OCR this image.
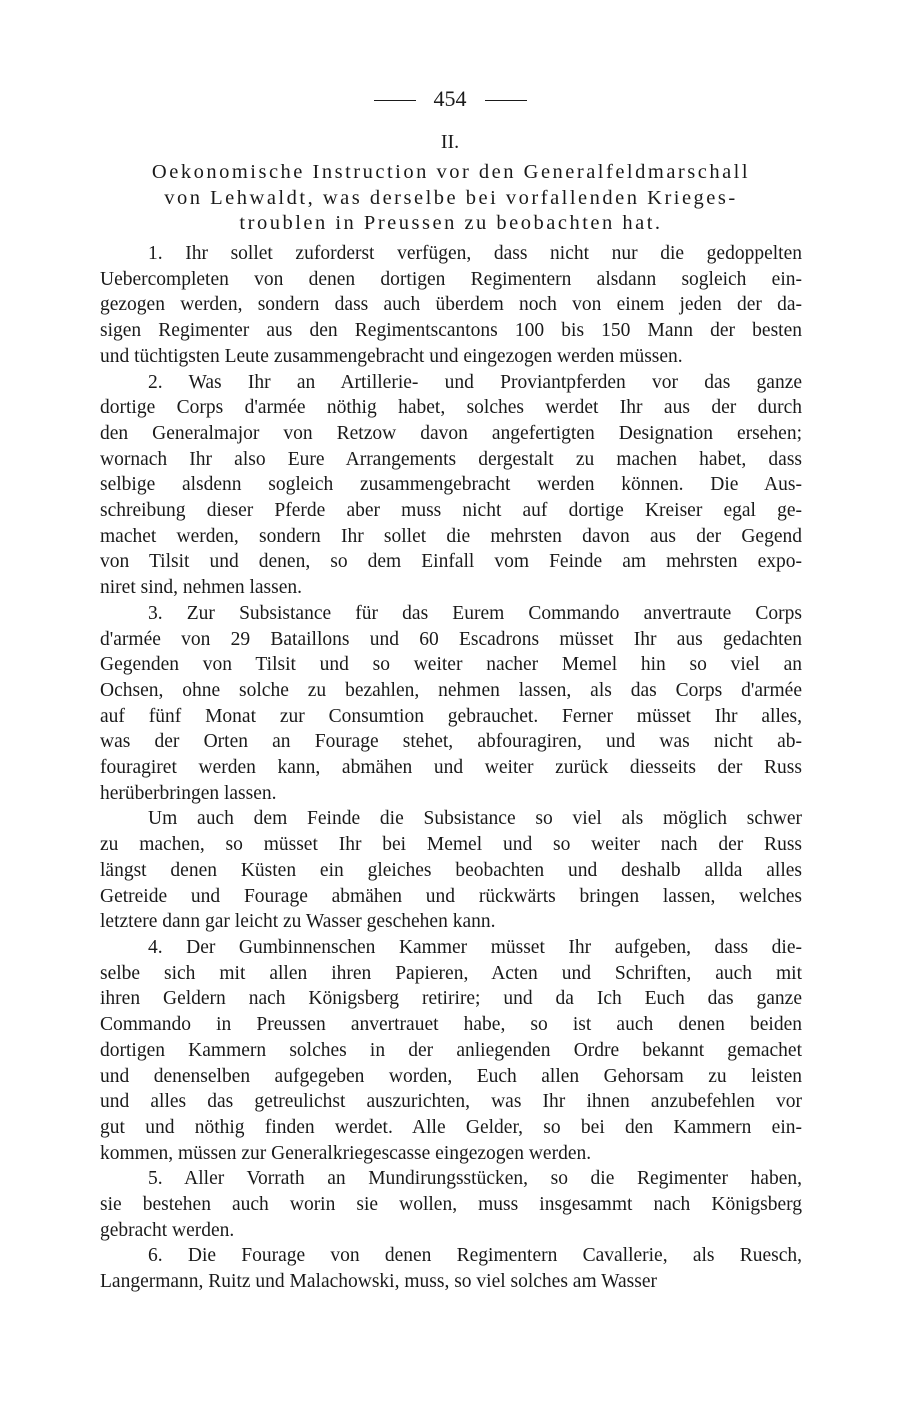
454
II.
Oekonomische Instruction vor den Generalfeldmarschall
von Lehwaldt, was derselbe bei vorfallenden Krieges-
troublen in Preussen zu beobachten hat.

1. Ihr sollet zuforderst verfügen, dass nicht nur die gedoppelten

Uebercompleten von denen dortigen Regimentern alsdann sogleich ein-

gezogen werden, sondern dass auch überdem noch von einem jeden der da-

sigen Regimenter aus den Regimentscantons 100 bis 150 Mann der besten

und tüchtigsten Leute zusammengebracht und eingezogen werden müssen.

2. Was Ihr an Artillerie- und Proviantpferden vor das ganze

dortige Corps d'armée nöthig habet, solches werdet Ihr aus der durch

den Generalmajor von Retzow davon angefertigten Designation ersehen;

wornach Ihr also Eure Arrangements dergestalt zu machen habet, dass

selbige alsdenn sogleich zusammengebracht werden können. Die Aus-

schreibung dieser Pferde aber muss nicht auf dortige Kreiser egal ge-

machet werden, sondern Ihr sollet die mehrsten davon aus der Gegend

von Tilsit und denen, so dem Einfall vom Feinde am mehrsten expo-

niret sind, nehmen lassen.

3. Zur Subsistance für das Eurem Commando anvertraute Corps

d'armée von 29 Bataillons und 60 Escadrons müsset Ihr aus gedachten

Gegenden von Tilsit und so weiter nacher Memel hin so viel an

Ochsen, ohne solche zu bezahlen, nehmen lassen, als das Corps d'armée

auf fünf Monat zur Consumtion gebrauchet. Ferner müsset Ihr alles,

was der Orten an Fourage stehet, abfouragiren, und was nicht ab-

fouragiret werden kann, abmähen und weiter zurück diesseits der Russ

herüberbringen lassen.

Um auch dem Feinde die Subsistance so viel als möglich schwer

zu machen, so müsset Ihr bei Memel und so weiter nach der Russ

längst denen Küsten ein gleiches beobachten und deshalb allda alles

Getreide und Fourage abmähen und rückwärts bringen lassen, welches

letztere dann gar leicht zu Wasser geschehen kann.

4. Der Gumbinnenschen Kammer müsset Ihr aufgeben, dass die-

selbe sich mit allen ihren Papieren, Acten und Schriften, auch mit

ihren Geldern nach Königsberg retirire; und da Ich Euch das ganze

Commando in Preussen anvertrauet habe, so ist auch denen beiden

dortigen Kammern solches in der anliegenden Ordre bekannt gemachet

und denenselben aufgegeben worden, Euch allen Gehorsam zu leisten

und alles das getreulichst auszurichten, was Ihr ihnen anzubefehlen vor

gut und nöthig finden werdet. Alle Gelder, so bei den Kammern ein-

kommen, müssen zur Generalkriegescasse eingezogen werden.

5. Aller Vorrath an Mundirungsstücken, so die Regimenter haben,

sie bestehen auch worin sie wollen, muss insgesammt nach Königsberg

gebracht werden.

6. Die Fourage von denen Regimentern Cavallerie, als Ruesch,

Langermann, Ruitz und Malachowski, muss, so viel solches am Wasser
